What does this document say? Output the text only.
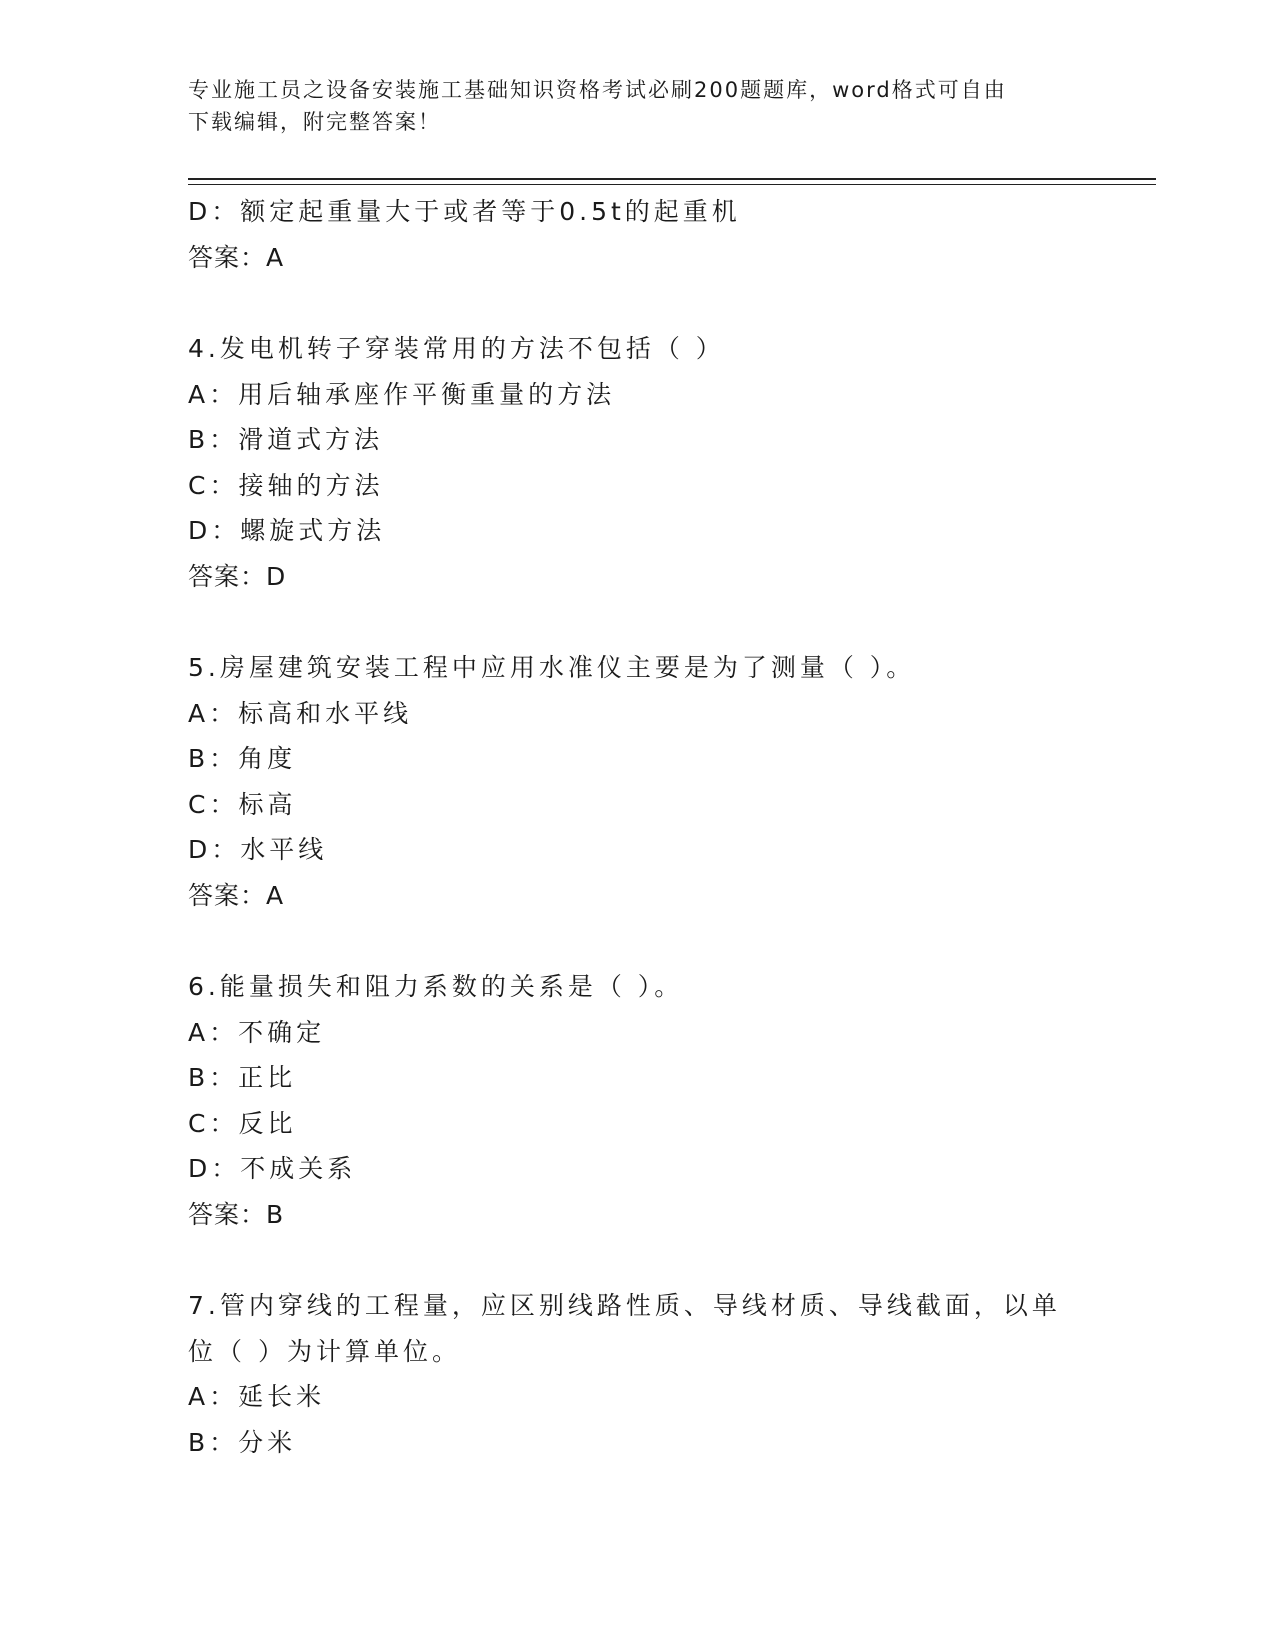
专业施工员之设备安装施工基础知识资格考试必刷200题题库，word格式可自由
下载编辑，附完整答案！
D：额定起重量大于或者等于0.5t的起重机
答案：A
4.发电机转子穿装常用的方法不包括（ ）
A：用后轴承座作平衡重量的方法
B：滑道式方法
C：接轴的方法
D：螺旋式方法
答案：D
5.房屋建筑安装工程中应用水准仪主要是为了测量（ ）。
A：标高和水平线
B：角度
C：标高
D：水平线
答案：A
6.能量损失和阻力系数的关系是（ ）。
A：不确定
B：正比
C：反比
D：不成关系
答案：B
7.管内穿线的工程量，应区别线路性质、导线材质、导线截面，以单
位（ ）为计算单位。
A：延长米
B：分米
